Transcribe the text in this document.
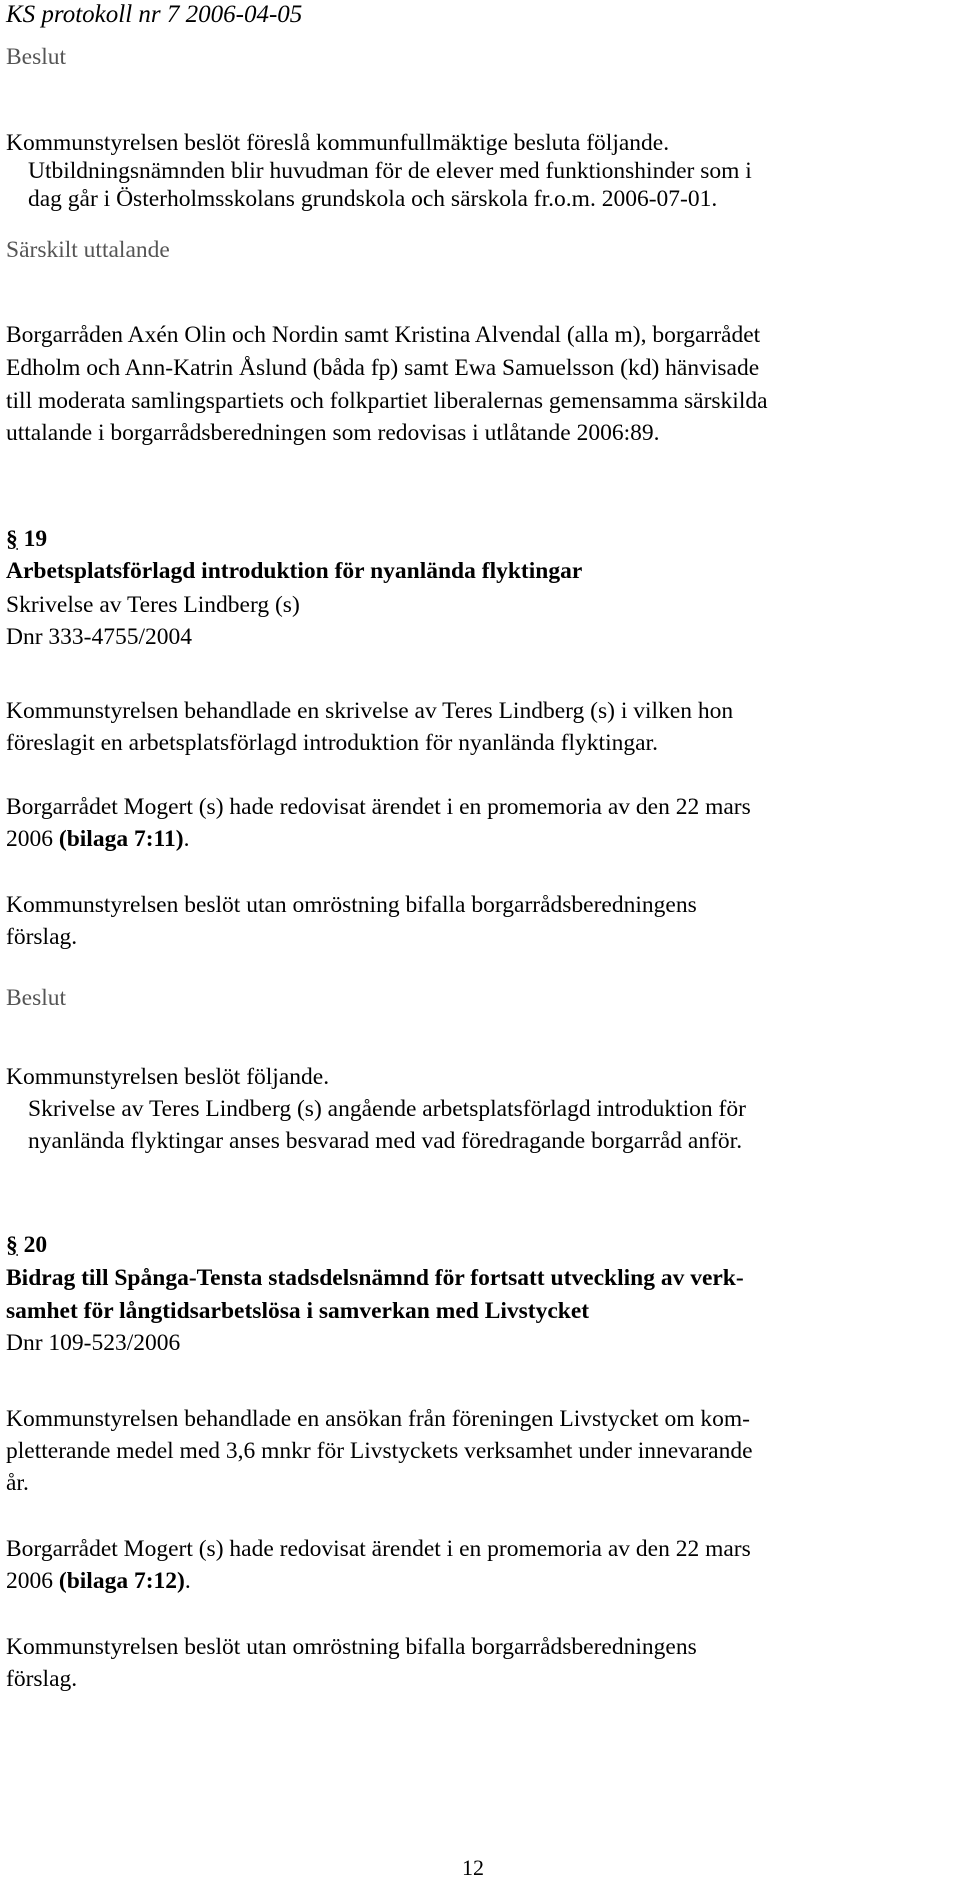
KS protokoll nr 7 2006-04-05
Beslut
Kommunstyrelsen beslöt föreslå kommunfullmäktige besluta följande.
Utbildningsnämnden blir huvudman för de elever med funktionshinder som i
dag går i Österholmsskolans grundskola och särskola fr.o.m. 2006-07-01.
Särskilt uttalande
Borgarråden Axén Olin och Nordin samt Kristina Alvendal (alla m), borgarrådet
Edholm och Ann-Katrin Åslund (båda fp) samt Ewa Samuelsson (kd) hänvisade
till moderata samlingspartiets och folkpartiet liberalernas gemensamma särskilda
uttalande i borgarrådsberedningen som redovisas i utlåtande 2006:89.
§ 19
Arbetsplatsförlagd introduktion för nyanlända flyktingar
Skrivelse av Teres Lindberg (s)
Dnr 333-4755/2004
Kommunstyrelsen behandlade en skrivelse av Teres Lindberg (s) i vilken hon
föreslagit en arbetsplatsförlagd introduktion för nyanlända flyktingar.
Borgarrådet Mogert (s) hade redovisat ärendet i en promemoria av den 22 mars
2006 (bilaga 7:11).
Kommunstyrelsen beslöt utan omröstning bifalla borgarrådsberedningens
förslag.
Beslut
Kommunstyrelsen beslöt följande.
Skrivelse av Teres Lindberg (s) angående arbetsplatsförlagd introduktion för
nyanlända flyktingar anses besvarad med vad föredragande borgarråd anför.
§ 20
Bidrag till Spånga-Tensta stadsdelsnämnd för fortsatt utveckling av verk-
samhet för långtidsarbetslösa i samverkan med Livstycket
Dnr 109-523/2006
Kommunstyrelsen behandlade en ansökan från föreningen Livstycket om kom-
pletterande medel med 3,6 mnkr för Livstyckets verksamhet under innevarande
år.
Borgarrådet Mogert (s) hade redovisat ärendet i en promemoria av den 22 mars
2006 (bilaga 7:12).
Kommunstyrelsen beslöt utan omröstning bifalla borgarrådsberedningens
förslag.
12
